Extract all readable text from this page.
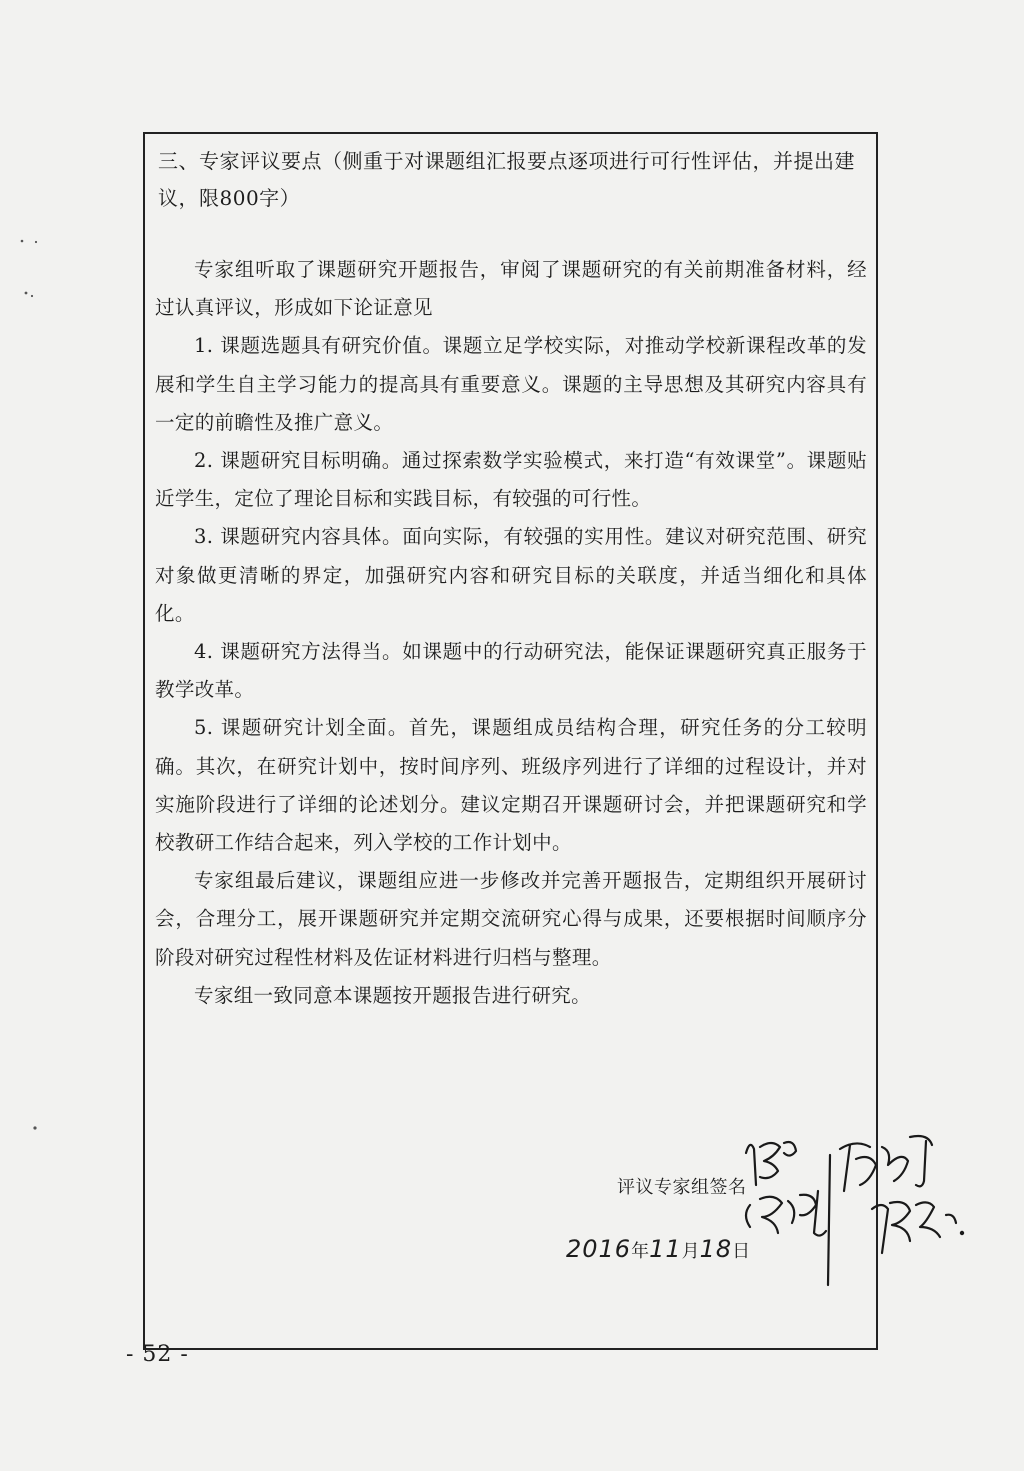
三、专家评议要点（侧重于对课题组汇报要点逐项进行可行性评估，并提出建议，限800字）

专家组听取了课题研究开题报告，审阅了课题研究的有关前期准备材料，经过认真评议，形成如下论证意见

1. 课题选题具有研究价值。课题立足学校实际，对推动学校新课程改革的发展和学生自主学习能力的提高具有重要意义。课题的主导思想及其研究内容具有一定的前瞻性及推广意义。

2. 课题研究目标明确。通过探索数学实验模式，来打造“有效课堂”。课题贴近学生，定位了理论目标和实践目标，有较强的可行性。

3. 课题研究内容具体。面向实际，有较强的实用性。建议对研究范围、研究对象做更清晰的界定，加强研究内容和研究目标的关联度，并适当细化和具体化。

4. 课题研究方法得当。如课题中的行动研究法，能保证课题研究真正服务于教学改革。

5. 课题研究计划全面。首先，课题组成员结构合理，研究任务的分工较明确。其次，在研究计划中，按时间序列、班级序列进行了详细的过程设计，并对实施阶段进行了详细的论述划分。建议定期召开课题研讨会，并把课题研究和学校教研工作结合起来，列入学校的工作计划中。

专家组最后建议，课题组应进一步修改并完善开题报告，定期组织开展研讨会，合理分工，展开课题研究并定期交流研究心得与成果，还要根据时间顺序分阶段对研究过程性材料及佐证材料进行归档与整理。

专家组一致同意本课题按开题报告进行研究。

评议专家组签名
2016年11月18日
- 52 -
